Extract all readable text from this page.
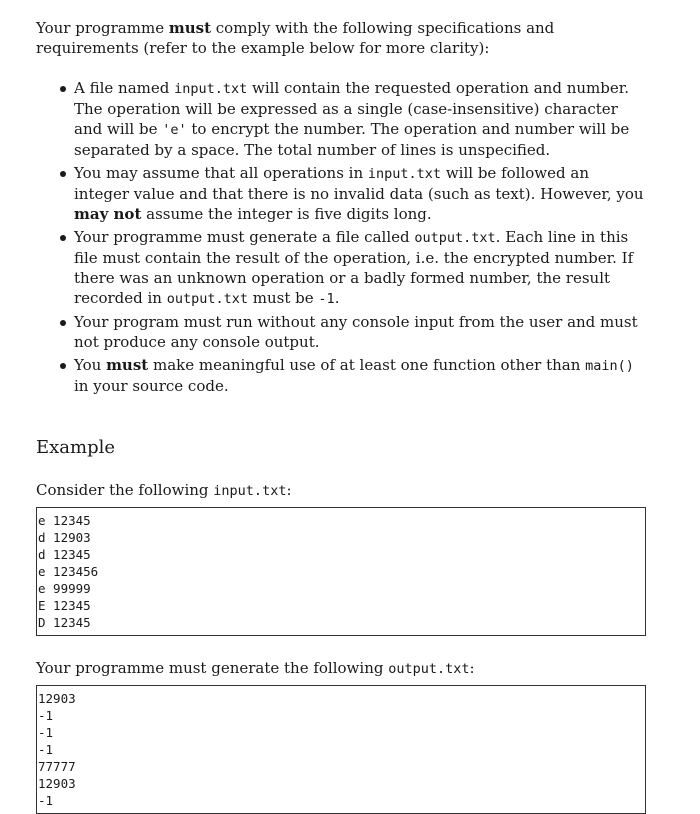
Your programme must comply with the following specifications and requirements (refer to the example below for more clarity):

A file named input.txt will contain the requested operation and number. The operation will be expressed as a single (case-insensitive) character and will be 'e' to encrypt the number. The operation and number will be separated by a space. The total number of lines is unspecified.
You may assume that all operations in input.txt will be followed an integer value and that there is no invalid data (such as text). However, you may not assume the integer is five digits long.
Your programme must generate a file called output.txt. Each line in this file must contain the result of the operation, i.e. the encrypted number. If there was an unknown operation or a badly formed number, the result recorded in output.txt must be -1.
Your program must run without any console input from the user and must not produce any console output.
You must make meaningful use of at least one function other than main() in your source code.
Example

Consider the following input.txt:

e 12345
d 12903
d 12345
e 123456
e 99999
E 12345
D 12345

Your programme must generate the following output.txt:

12903
-1
-1
-1
77777
12903
-1
